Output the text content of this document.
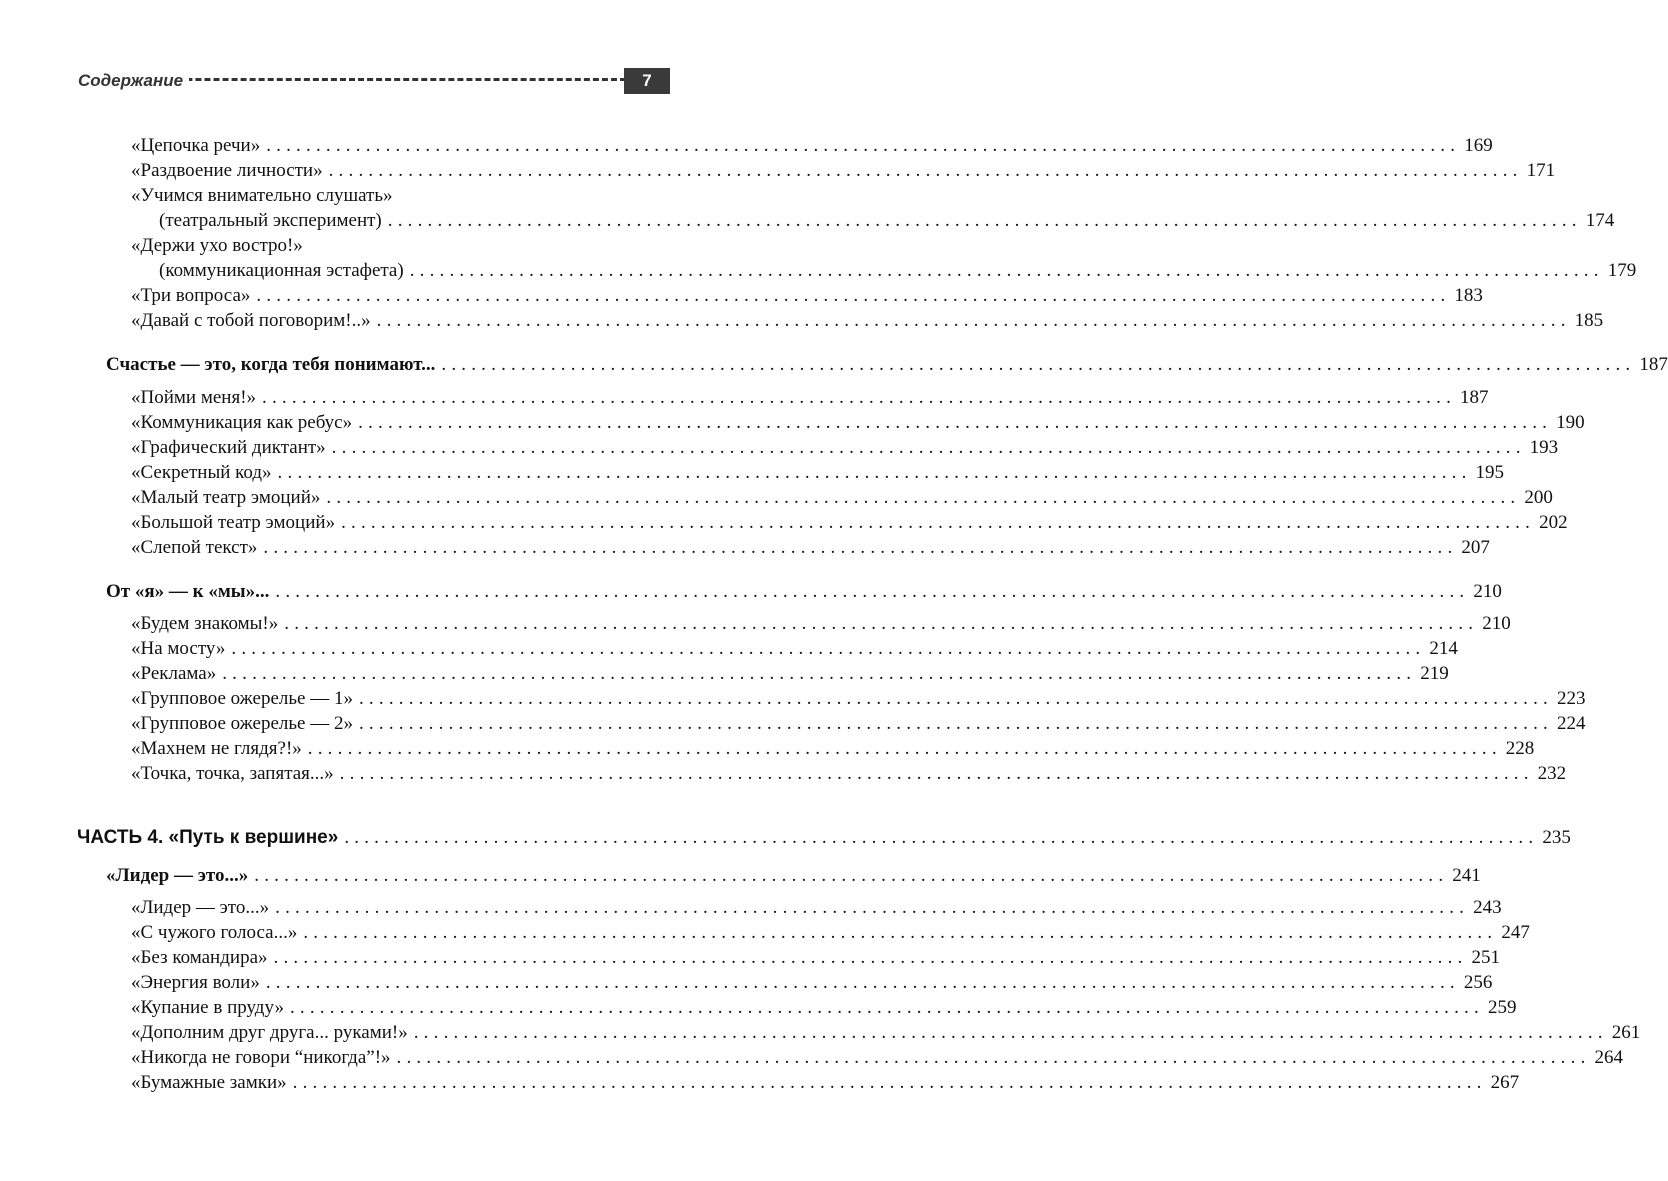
Содержание	7
«Цепочка речи» ........................................................................................................................ 169
«Раздвоение личности» ........................................................................................................................ 171
«Учимся внимательно слушать»
(театральный эксперимент) ........................................................................................................................ 174
«Держи ухо востро!»
(коммуникационная эстафета) ........................................................................................................................ 179
«Три вопроса» ........................................................................................................................ 183
«Давай с тобой поговорим!..» ........................................................................................................................ 185
Счастье — это, когда тебя понимают... ........................................................................................................................ 187
«Пойми меня!» ........................................................................................................................ 187
«Коммуникация как ребус» ........................................................................................................................ 190
«Графический диктант» ........................................................................................................................ 193
«Секретный код» ........................................................................................................................ 195
«Малый театр эмоций» ........................................................................................................................ 200
«Большой театр эмоций» ........................................................................................................................ 202
«Слепой текст» ........................................................................................................................ 207
От «я» — к «мы»... ........................................................................................................................ 210
«Будем знакомы!» ........................................................................................................................ 210
«На мосту» ........................................................................................................................ 214
«Реклама» ........................................................................................................................ 219
«Групповое ожерелье — 1» ........................................................................................................................ 223
«Групповое ожерелье — 2» ........................................................................................................................ 224
«Махнем не глядя?!» ........................................................................................................................ 228
«Точка, точка, запятая...» ........................................................................................................................ 232
ЧАСТЬ 4. «Путь к вершине» ........................................................................................................................ 235
«Лидер — это...» ........................................................................................................................ 241
«Лидер — это...» ........................................................................................................................ 243
«С чужого голоса...» ........................................................................................................................ 247
«Без командира» ........................................................................................................................ 251
«Энергия воли» ........................................................................................................................ 256
«Купание в пруду» ........................................................................................................................ 259
«Дополним друг друга... руками!» ........................................................................................................................ 261
«Никогда не говори “никогда”!» ........................................................................................................................ 264
«Бумажные замки» ........................................................................................................................ 267
